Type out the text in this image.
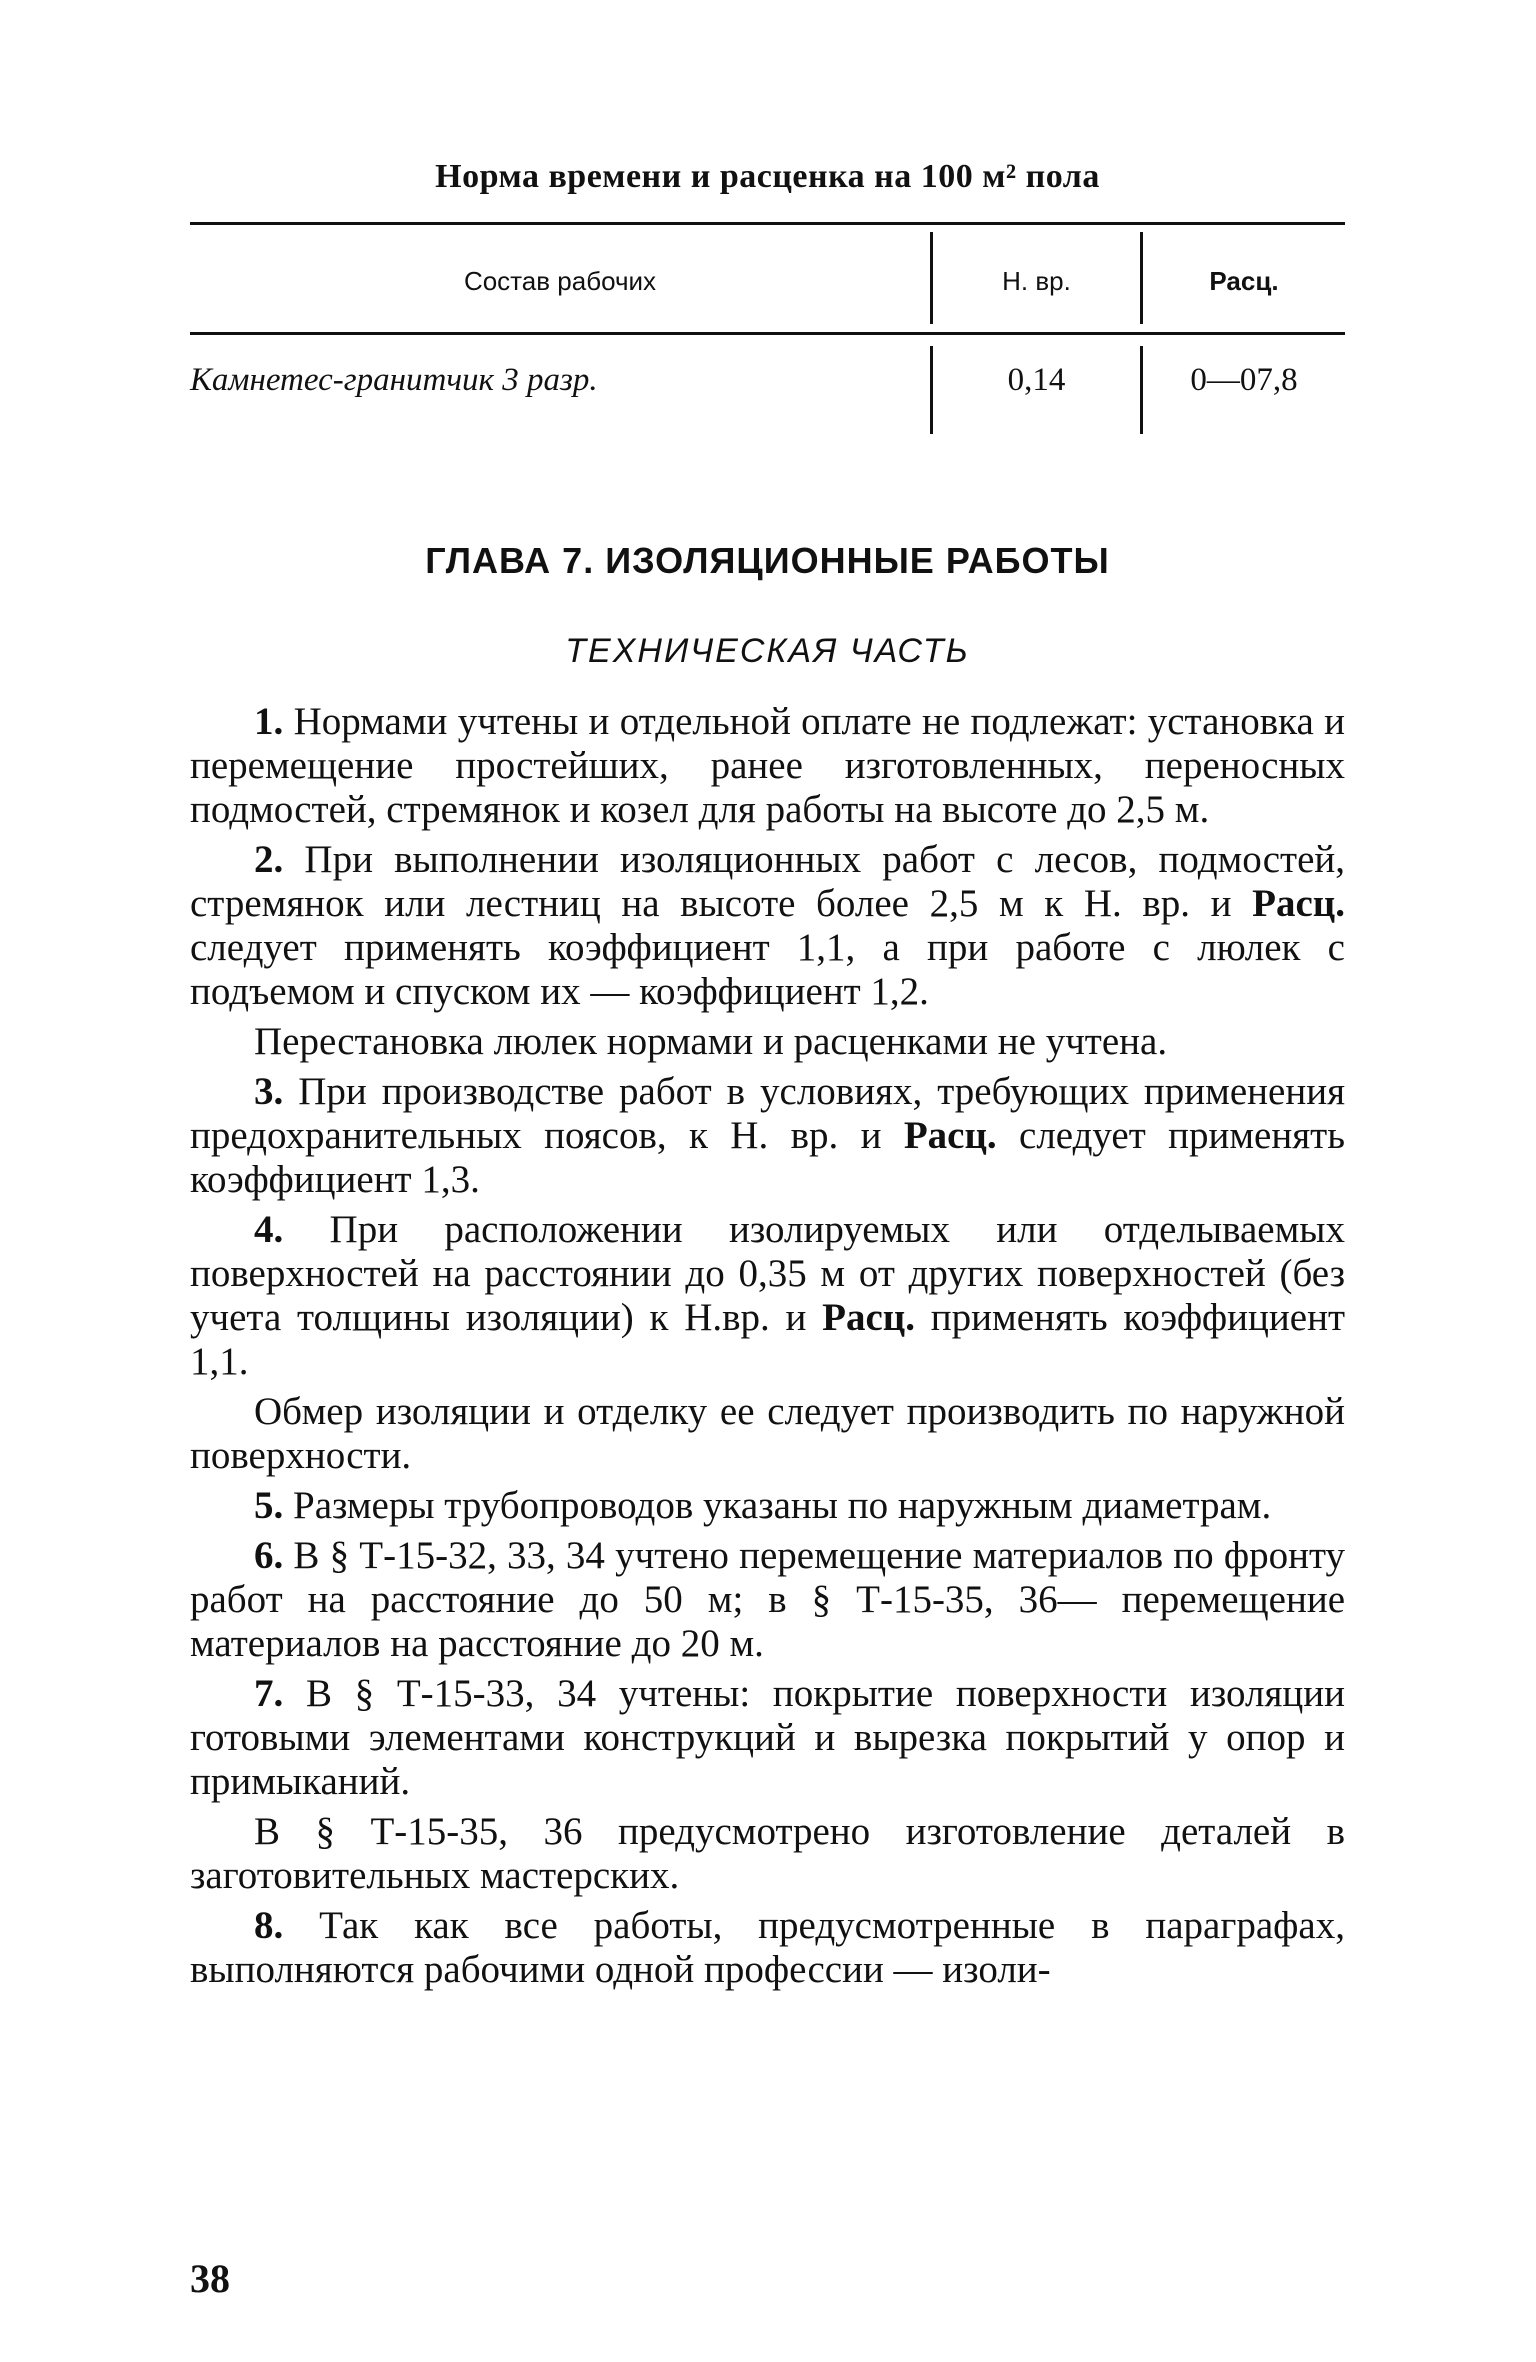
Норма времени и расценка на 100 м² пола
Состав рабочих	Н. вр.	Расц.
Камнетес-гранитчик 3 разр.	0,14	0—07,8
ГЛАВА 7. ИЗОЛЯЦИОННЫЕ РАБОТЫ
ТЕХНИЧЕСКАЯ ЧАСТЬ

1. Нормами учтены и отдельной оплате не подлежат: установка и перемещение простейших, ранее изготовленных, переносных подмостей, стремянок и козел для работы на высоте до 2,5 м.

2. При выполнении изоляционных работ с лесов, подмостей, стремянок или лестниц на высоте более 2,5 м к Н. вр. и Расц. следует применять коэффициент 1,1, а при работе с люлек с подъемом и спуском их — коэффициент 1,2.

Перестановка люлек нормами и расценками не учтена.

3. При производстве работ в условиях, требующих применения предохранительных поясов, к Н. вр. и Расц. следует применять коэффициент 1,3.

4. При расположении изолируемых или отделываемых поверхностей на расстоянии до 0,35 м от других поверхностей (без учета толщины изоляции) к Н.вр. и Расц. применять коэффициент 1,1.

Обмер изоляции и отделку ее следует производить по наружной поверхности.

5. Размеры трубопроводов указаны по наружным диаметрам.

6. В § Т-15-32, 33, 34 учтено перемещение материалов по фронту работ на расстояние до 50 м; в § Т-15-35, 36— перемещение материалов на расстояние до 20 м.

7. В § Т-15-33, 34 учтены: покрытие поверхности изоляции готовыми элементами конструкций и вырезка покрытий у опор и примыканий.

В § Т-15-35, 36 предусмотрено изготовление деталей в заготовительных мастерских.

8. Так как все работы, предусмотренные в параграфах, выполняются рабочими одной профессии — изоли-

38
